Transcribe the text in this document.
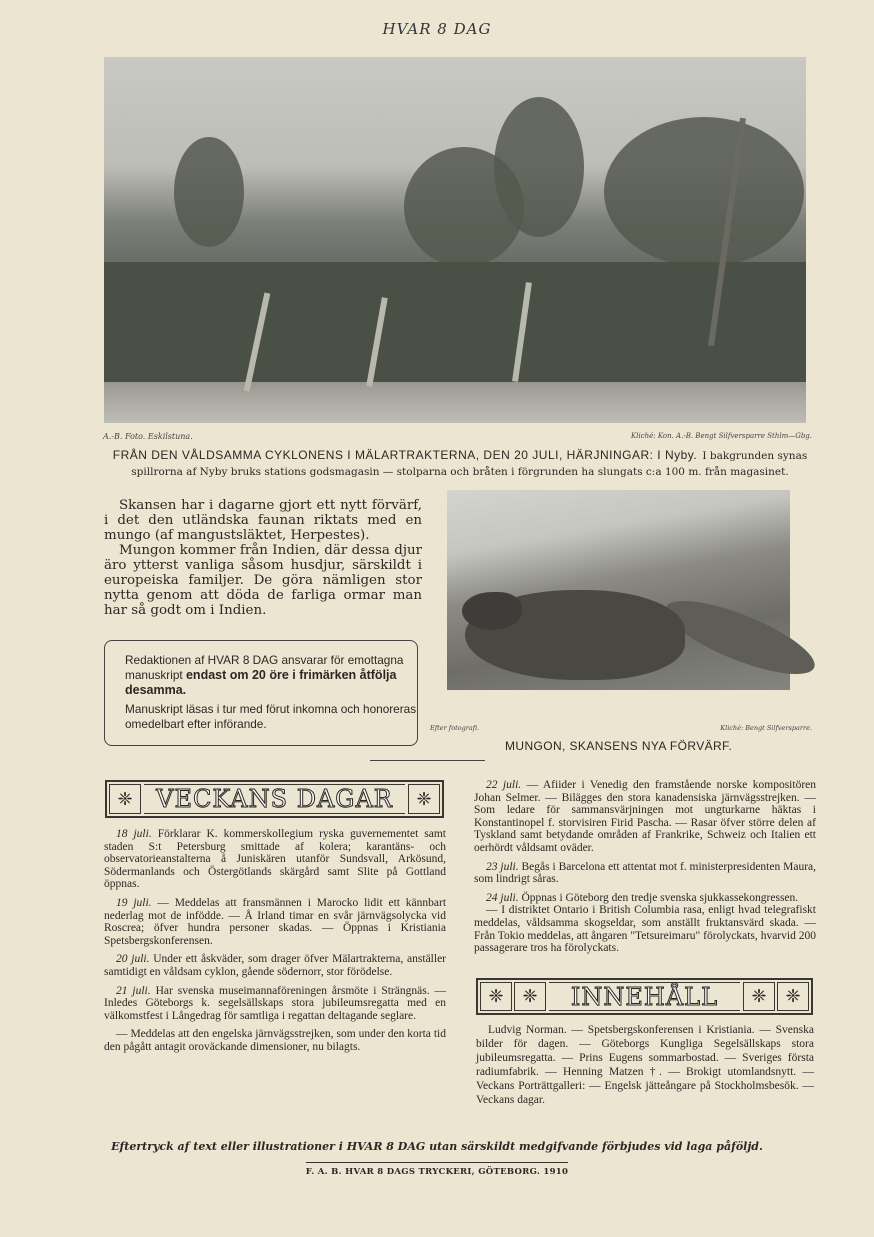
HVAR 8 DAG
A.-B. Foto. Eskilstuna.	Kliché: Kon. A.-B. Bengt Silfversparre Sthlm—Gbg.
FRÅN DEN VÅLDSAMMA CYKLONENS I MÄLARTRAKTERNA, DEN 20 JULI, HÄRJNINGAR: I Nyby. I bakgrunden synas spillrorna af Nyby bruks stations godsmagasin — stolparna och bråten i förgrunden ha slungats c:a 100 m. från magasinet.

Skansen har i dagarne gjort ett nytt förvärf, i det den utländska faunan riktats med en mungo (af mangustsläktet, Herpestes).

Mungon kommer från Indien, där dessa djur äro ytterst vanliga såsom husdjur, särskildt i europeiska familjer. De göra nämligen stor nytta genom att döda de farliga ormar man har så godt om i Indien.

Redaktionen af HVAR 8 DAG ansvarar för emottagna manuskript endast om 20 öre i frimärken åtfölja desamma.
Manuskript läsas i tur med förut inkomna och honoreras omedelbart efter införande.	Efter fotografi.	Kliché: Bengt Silfversparre.
MUNGON, SKANSENS NYA FÖRVÄRF.
❈ VECKANS DAGAR	❈

18 juli. Förklarar K. kommerskollegium ryska guvernementet samt staden S:t Petersburg smittade af kolera; karantäns- och observatorieanstalterna å Juniskären utanför Sundsvall, Arkösund, Södermanlands och Östergötlands skärgård samt Slite på Gottland öppnas.

19 juli. — Meddelas att fransmännen i Marocko lidit ett kännbart nederlag mot de infödde. — Å Irland timar en svår järnvägsolycka vid Roscrea; öfver hundra personer skadas. — Öppnas i Kristiania Spetsbergskonferensen.

20 juli. Under ett åskväder, som drager öfver Mälartrakterna, anställer samtidigt en våldsam cyklon, gående södernorr, stor förödelse.

21 juli. Har svenska museimannaföreningen årsmöte i Strängnäs. — Inledes Göteborgs k. segelsällskaps stora jubileumsregatta med en välkomstfest i Långedrag för samtliga i regattan deltagande seglare.

— Meddelas att den engelska järnvägsstrejken, som under den korta tid den pågått antagit oroväckande dimensioner, nu bilagts.

22 juli. — Afiider i Venedig den framstående norske kompositören Johan Selmer. — Bilägges den stora kanadensiska järnvägsstrejken. — Som ledare för sammansvärjningen mot ungturkarne häktas i Konstantinopel f. storvisiren Firid Pascha. — Rasar öfver större delen af Tyskland samt betydande områden af Frankrike, Schweiz och Italien ett oerhördt våldsamt oväder.

23 juli. Begås i Barcelona ett attentat mot f. ministerpresidenten Maura, som lindrigt såras.

24 juli. Öppnas i Göteborg den tredje svenska sjukkassekongressen.

— I distriktet Ontario i British Columbia rasa, enligt hvad telegrafiskt meddelas, våldsamma skogseldar, som anställt fruktansvärd skada. — Från Tokio meddelas, att ångaren "Tetsureimaru" förolyckats, hvarvid 200 passagerare tros ha förolyckats.

❈	❈	INNEHÅLL	❈	❈

Ludvig Norman. — Spetsbergskonferensen i Kristiania. — Svenska bilder för dagen. — Göteborgs Kungliga Segelsällskaps stora jubileumsregatta. — Prins Eugens sommarbostad. — Sveriges första radiumfabrik. — Henning Matzen †. — Brokigt utomlandsnytt. — Veckans Porträttgalleri: — Engelsk jätteångare på Stockholmsbesök. — Veckans dagar.

Eftertryck af text eller illustrationer i HVAR 8 DAG utan särskildt medgifvande förbjudes vid laga påföljd.
F. A. B. HVAR 8 DAGS TRYCKERI, GÖTEBORG. 1910
